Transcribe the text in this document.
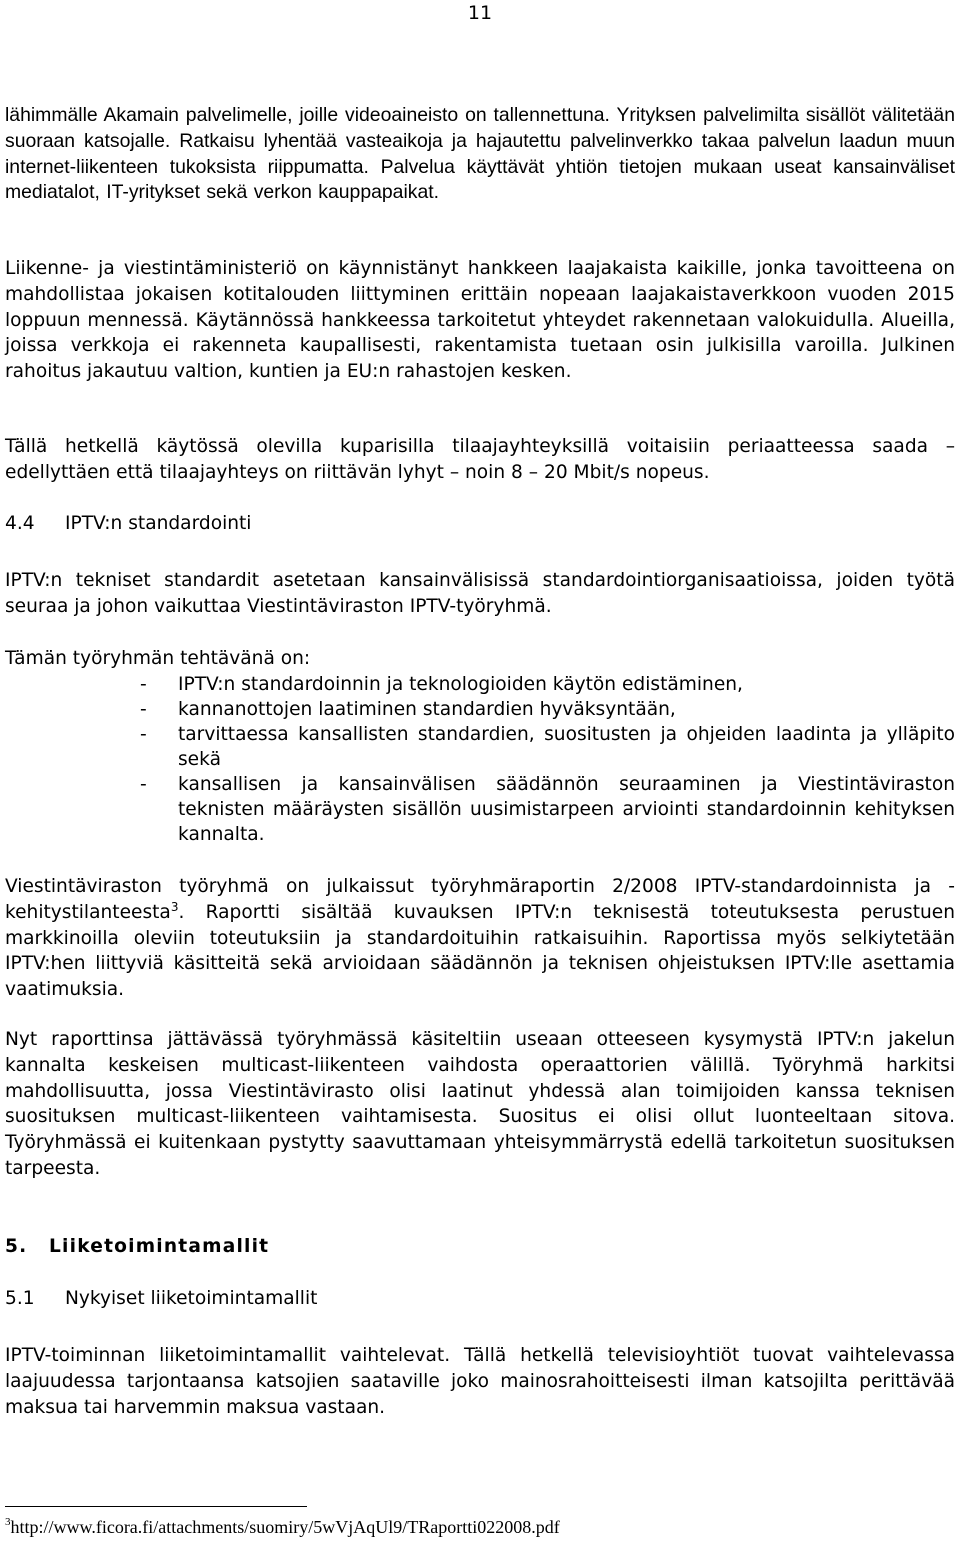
11

lähimmälle Akamain palvelimelle, joille videoaineisto on tallennettuna. Yrityksen palvelimilta sisällöt välitetään suoraan katsojalle. Ratkaisu lyhentää vasteaikoja ja hajautettu palvelinverkko takaa palvelun laadun muun internet-liikenteen tukoksista riippumatta. Palvelua käyttävät yhtiön tietojen mukaan useat kansainväliset mediatalot, IT-yritykset sekä verkon kauppapaikat.

Liikenne- ja viestintäministeriö on käynnistänyt hankkeen laajakaista kaikille, jonka tavoitteena on mahdollistaa jokaisen kotitalouden liittyminen erittäin nopeaan laajakaistaverkkoon vuoden 2015 loppuun mennessä. Käytännössä hankkeessa tarkoitetut yhteydet rakennetaan valokuidulla. Alueilla, joissa verkkoja ei rakenneta kaupallisesti, rakentamista tuetaan osin julkisilla varoilla. Julkinen rahoitus jakautuu valtion, kuntien ja EU:n rahastojen kesken.

Tällä hetkellä käytössä olevilla kuparisilla tilaajayhteyksillä voitaisiin periaatteessa saada – edellyttäen että tilaajayhteys on riittävän lyhyt – noin 8 – 20 Mbit/s nopeus.

4.4 IPTV:n standardointi

IPTV:n tekniset standardit asetetaan kansainvälisissä standardointiorganisaatioissa, joiden työtä seuraa ja johon vaikuttaa Viestintäviraston IPTV-työryhmä.

Tämän työryhmän tehtävänä on:

- IPTV:n standardoinnin ja teknologioiden käytön edistäminen,
- kannanottojen laatiminen standardien hyväksyntään,
- tarvittaessa kansallisten standardien, suositusten ja ohjeiden laadinta ja ylläpito sekä
- kansallisen ja kansainvälisen säädännön seuraaminen ja Viestintäviraston teknisten määräysten sisällön uusimistarpeen arviointi standardoinnin kehityksen kannalta.

Viestintäviraston työryhmä on julkaissut työryhmäraportin 2/2008 IPTV-standardoinnista ja -kehitystilanteesta$^3$. Raportti sisältää kuvauksen IPTV:n teknisestä toteutuksesta perustuen markkinoilla oleviin toteutuksiin ja standardoituihin ratkaisuihin. Raportissa myös selkiytetään IPTV:hen liittyviä käsitteitä sekä arvioidaan säädännön ja teknisen ohjeistuksen IPTV:lle asettamia vaatimuksia.

Nyt raporttinsa jättävässä työryhmässä käsiteltiin useaan otteeseen kysymystä IPTV:n jakelun kannalta keskeisen multicast-liikenteen vaihdosta operaattorien välillä. Työryhmä harkitsi mahdollisuutta, jossa Viestintävirasto olisi laatinut yhdessä alan toimijoiden kanssa teknisen suosituksen multicast-liikenteen vaihtamisesta. Suositus ei olisi ollut luonteeltaan sitova. Työryhmässä ei kuitenkaan pystytty saavuttamaan yhteisymmärrystä edellä tarkoitetun suosituksen tarpeesta.

5. Liiketoimintamallit
5.1 Nykyiset liiketoimintamallit

IPTV-toiminnan liiketoimintamallit vaihtelevat. Tällä hetkellä televisioyhtiöt tuovat vaihtelevassa laajuudessa tarjontaansa katsojien saataville joko mainosrahoitteisesti ilman katsojilta perittävää maksua tai harvemmin maksua vastaan.

$^3$http://www.ficora.fi/attachments/suomiry/5wVjAqUl9/TRaportti022008.pdf
